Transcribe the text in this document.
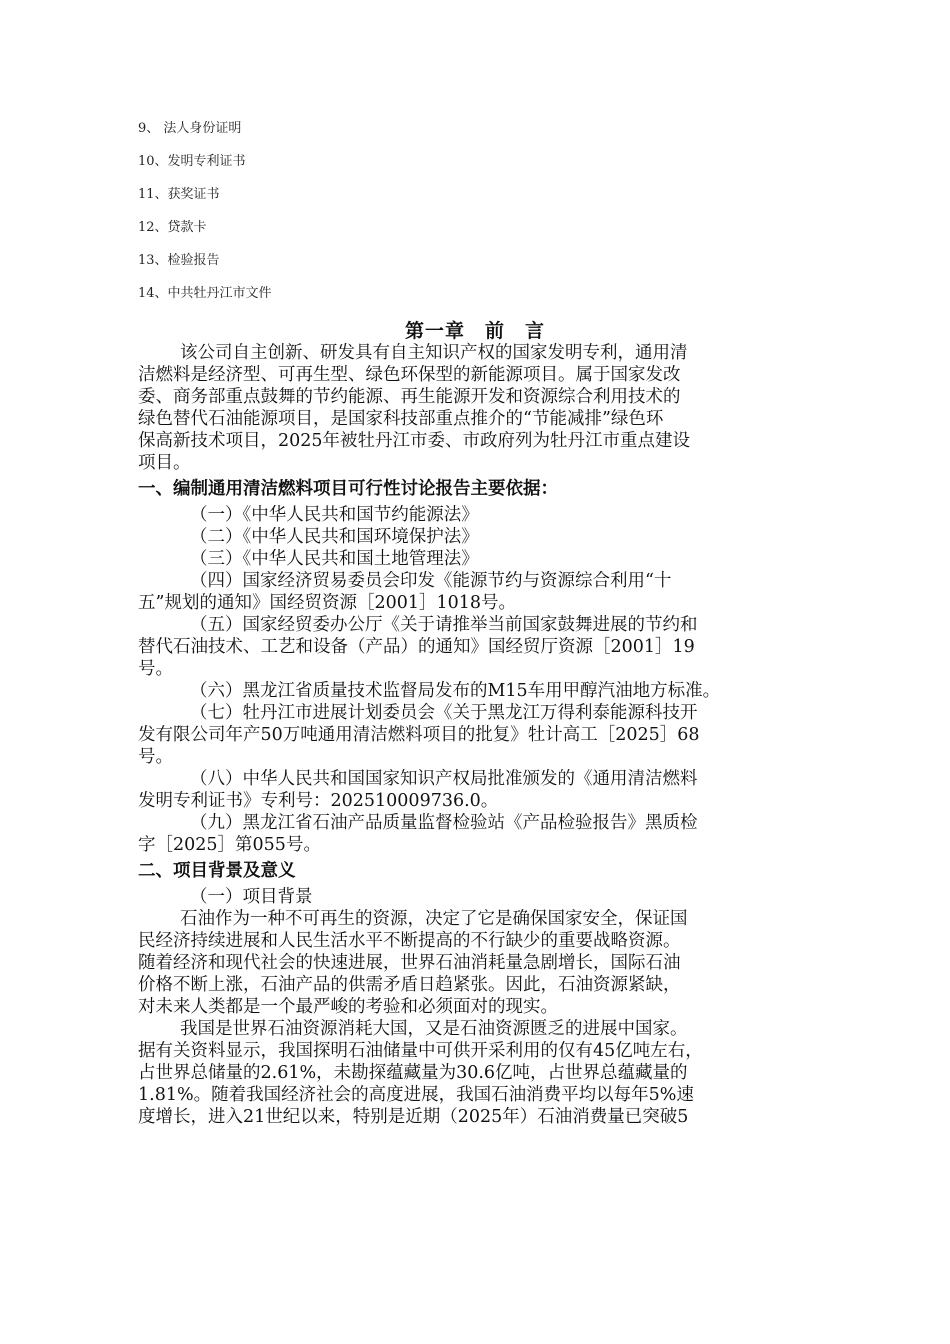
9、 法人身份证明
10、发明专利证书
11、获奖证书
12、贷款卡
13、检验报告
14、中共牡丹江市文件
第一章　前　言
该公司自主创新、研发具有自主知识产权的国家发明专利，通用清
洁燃料是经济型、可再生型、绿色环保型的新能源项目。属于国家发改
委、商务部重点鼓舞的节约能源、再生能源开发和资源综合利用技术的
绿色替代石油能源项目，是国家科技部重点推介的“节能减排”绿色环
保高新技术项目，2025年被牡丹江市委、市政府列为牡丹江市重点建设
项目。
一、编制通用清洁燃料项目可行性讨论报告主要依据：
（一）《中华人民共和国节约能源法》
（二）《中华人民共和国环境保护法》
（三）《中华人民共和国土地管理法》
（四）国家经济贸易委员会印发《能源节约与资源综合利用“十
五”规划的通知》国经贸资源［2001］1018号。
（五）国家经贸委办公厅《关于请推举当前国家鼓舞进展的节约和
替代石油技术、工艺和设备（产品）的通知》国经贸厅资源［2001］19
号。
（六）黑龙江省质量技术监督局发布的M15车用甲醇汽油地方标准。
（七）牡丹江市进展计划委员会《关于黑龙江万得利泰能源科技开
发有限公司年产50万吨通用清洁燃料项目的批复》牡计高工［2025］68
号。
（八）中华人民共和国国家知识产权局批准颁发的《通用清洁燃料
发明专利证书》专利号：202510009736.0。
（九）黑龙江省石油产品质量监督检验站《产品检验报告》黑质检
字［2025］第055号。
二、项目背景及意义
（一）项目背景
石油作为一种不可再生的资源，决定了它是确保国家安全，保证国
民经济持续进展和人民生活水平不断提高的不行缺少的重要战略资源。
随着经济和现代社会的快速进展，世界石油消耗量急剧增长，国际石油
价格不断上涨，石油产品的供需矛盾日趋紧张。因此，石油资源紧缺，
对未来人类都是一个最严峻的考验和必须面对的现实。
我国是世界石油资源消耗大国，又是石油资源匮乏的进展中国家。
据有关资料显示，我国探明石油储量中可供开采利用的仅有45亿吨左右，
占世界总储量的2.61%，未勘探蕴藏量为30.6亿吨，占世界总蕴藏量的
1.81%。随着我国经济社会的高度进展，我国石油消费平均以每年5%速
度增长，进入21世纪以来，特别是近期（2025年）石油消费量已突破5
